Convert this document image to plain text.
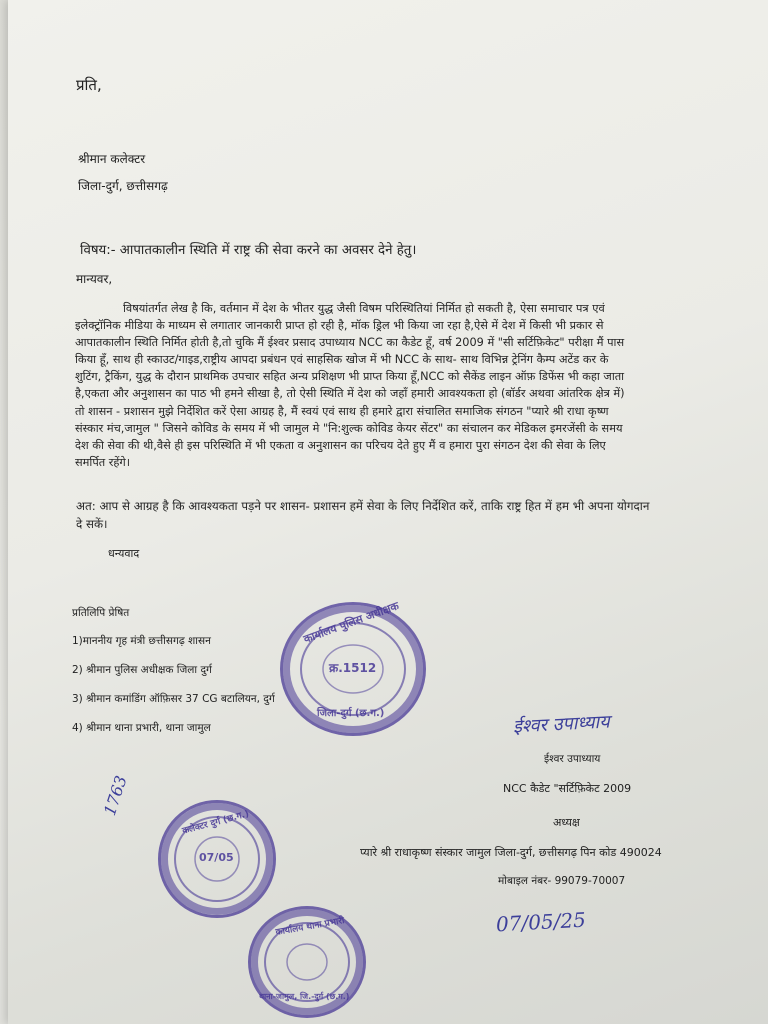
प्रति,
श्रीमान कलेक्टर
जिला-दुर्ग, छत्तीसगढ़
विषय:- आपातकालीन स्थिति में राष्ट्र की सेवा करने का अवसर देने हेतु।
मान्यवर,
विषयांतर्गत लेख है कि, वर्तमान में देश के भीतर युद्ध जैसी विषम परिस्थितियां निर्मित हो सकती है, ऐसा समाचार पत्र एवं
इलेक्ट्रॉनिक मीडिया के माध्यम से लगातार जानकारी प्राप्त हो रही है, मॉक ड्रिल भी किया जा रहा है,ऐसे में देश में किसी भी प्रकार से
आपातकालीन स्थिति निर्मित होती है,तो चुकि मैं ईश्वर प्रसाद उपाध्याय NCC का कैडेट हूँ, वर्ष 2009 में "सी सर्टिफ़िकेट" परीक्षा मैं पास
किया हूँ, साथ ही स्काउट/गाइड,राष्ट्रीय आपदा प्रबंधन एवं साहसिक खोज में भी NCC के साथ- साथ विभिन्न ट्रेनिंग कैम्प अटेंड कर के
शुटिंग, ट्रैकिंग, युद्ध के दौरान प्राथमिक उपचार सहित अन्य प्रशिक्षण भी प्राप्त किया हूँ,NCC को सैकेंड लाइन ऑफ़ डिफेंस भी कहा जाता
है,एकता और अनुशासन का पाठ भी हमने सीखा है, तो ऐसी स्थिति में देश को जहाँ हमारी आवश्यकता हो (बॉर्डर अथवा आंतरिक क्षेत्र में)
तो शासन - प्रशासन मुझे निर्देशित करें ऐसा आग्रह है, मैं स्वयं एवं साथ ही हमारे द्वारा संचालित समाजिक संगठन "प्यारे श्री राधा कृष्ण
संस्कार मंच,जामुल " जिसने कोविड के समय में भी जामुल मे "नि:शुल्क कोविड केयर सेंटर" का संचालन कर मेडिकल इमरजेंसी के समय
देश की सेवा की थी,वैसे ही इस परिस्थिति में भी एकता व अनुशासन का परिचय देते हुए मैं व हमारा पुरा संगठन देश की सेवा के लिए
समर्पित रहेंगे।
अत: आप से आग्रह है कि आवश्यकता पड़ने पर शासन- प्रशासन हमें सेवा के लिए निर्देशित करें, ताकि राष्ट्र हित में हम भी अपना योगदान
दे सकें।
धन्यवाद
प्रतिलिपि प्रेषित
1)माननीय गृह मंत्री छत्तीसगढ़ शासन
2) श्रीमान पुलिस अधीक्षक जिला दुर्ग
3) श्रीमान कमांडिंग ऑफ़िसर 37 CG बटालियन, दुर्ग
4) श्रीमान थाना प्रभारी, थाना जामुल
कार्यालय पुलिस अधीक्षक
क्र.1512
जिला-दुर्ग (छ.ग.)
1763
कलेक्टर दुर्ग (छ.ग.)
07/05
कार्यालय थाना प्रभारी
थाना-जामुल, जि.-दुर्ग (छ.ग.)
ईश्वर उपाध्याय
ईश्वर उपाध्याय
NCC कैडेट "सर्टिफ़िकेट 2009
अध्यक्ष
प्यारे श्री राधाकृष्ण संस्कार जामुल जिला-दुर्ग, छत्तीसगढ़ पिन कोड 490024
मोबाइल नंबर- 99079-70007
07/05/25
